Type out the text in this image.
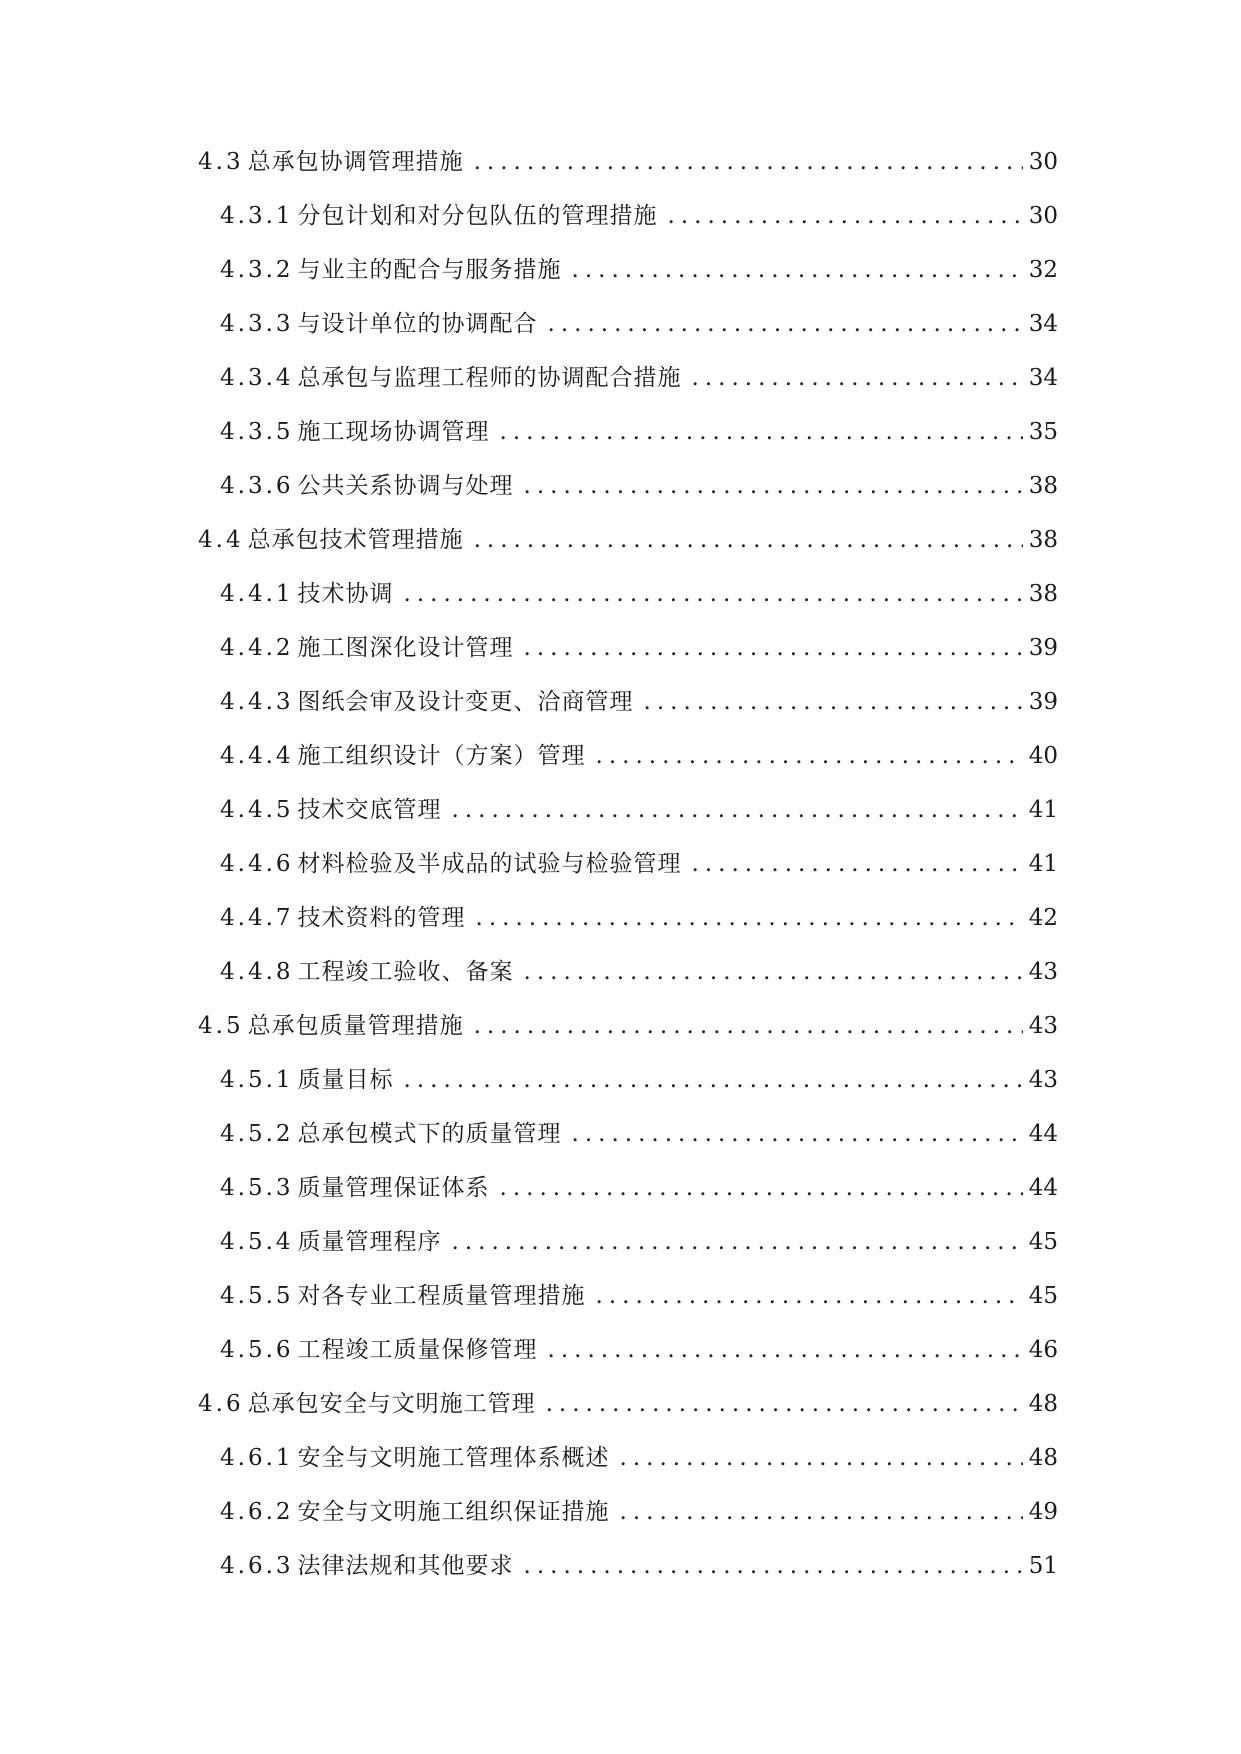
4.3 总承包协调管理措施 .....	30
4.3.1 分包计划和对分包队伍的管理措施 .....	30
4.3.2 与业主的配合与服务措施 .....	32
4.3.3 与设计单位的协调配合 .....	34
4.3.4 总承包与监理工程师的协调配合措施 .....	34
4.3.5 施工现场协调管理 .....	35
4.3.6 公共关系协调与处理 .....	38
4.4 总承包技术管理措施 .....	38
4.4.1 技术协调 .....	38
4.4.2 施工图深化设计管理 .....	39
4.4.3 图纸会审及设计变更、洽商管理 .....	39
4.4.4 施工组织设计（方案）管理 .....	40
4.4.5 技术交底管理 .....	41
4.4.6 材料检验及半成品的试验与检验管理 .....	41
4.4.7 技术资料的管理 .....	42
4.4.8 工程竣工验收、备案 .....	43
4.5 总承包质量管理措施 .....	43
4.5.1 质量目标 .....	43
4.5.2 总承包模式下的质量管理 .....	44
4.5.3 质量管理保证体系 .....	44
4.5.4 质量管理程序 .....	45
4.5.5 对各专业工程质量管理措施 .....	45
4.5.6 工程竣工质量保修管理 .....	46
4.6 总承包安全与文明施工管理 .....	48
4.6.1 安全与文明施工管理体系概述 .....	48
4.6.2 安全与文明施工组织保证措施 .....	49
4.6.3 法律法规和其他要求 .....	51
